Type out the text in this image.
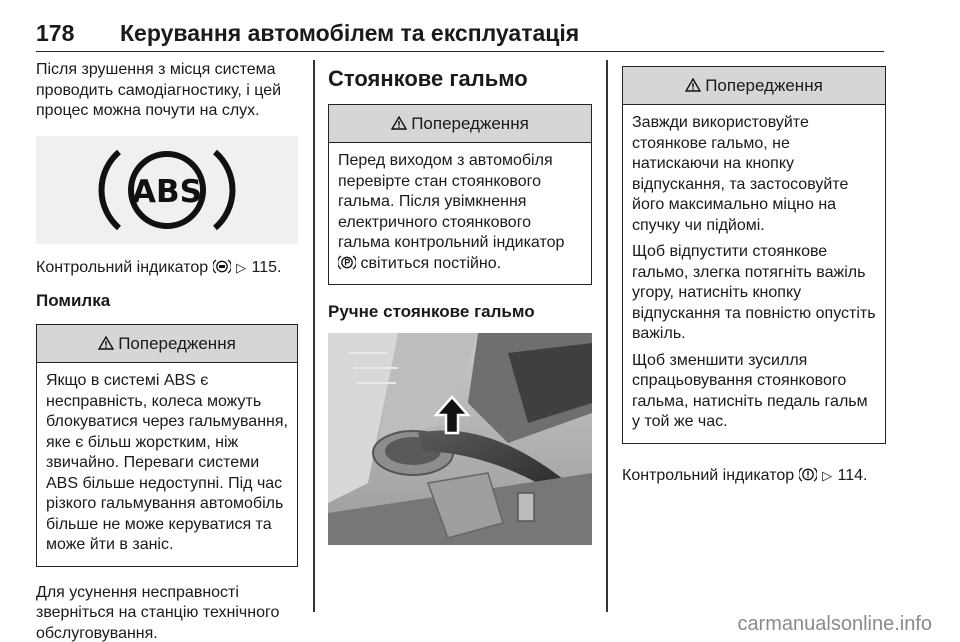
178 Керування автомобілем та експлуатація

Після зрушення з місця система проводить самодіагностику, і цей процес можна почути на слух.

ABS

Контрольний індикатор ▷ 115.

Помилка
Попередження

Якщо в системі ABS є несправність, колеса можуть блокуватися через гальмування, яке є більш жорстким, ніж звичайно. Переваги системи ABS більше недоступні. Під час різкого гальмування автомобіль більше не може керуватися та може йти в заніс.

Для усунення несправності зверніться на станцію технічного обслуговування.

Стоянкове гальмо
Попередження

Перед виходом з автомобіля перевірте стан стоянкового гальма. Після увімкнення електричного стоянкового гальма контрольний індикатор  світиться постійно.

Ручне стоянкове гальмо
Попередження

Завжди використовуйте стоянкове гальмо, не натискаючи на кнопку відпускання, та застосовуйте його максимально міцно на спучку чи підйомі.

Щоб відпустити стоянкове гальмо, злегка потягніть важіль угору, натисніть кнопку відпускання та повністю опустіть важіль.

Щоб зменшити зусилля спрацьовування стоянкового гальма, натисніть педаль гальм у той же час.

Контрольний індикатор ▷ 114.

carmanualsonline.info
